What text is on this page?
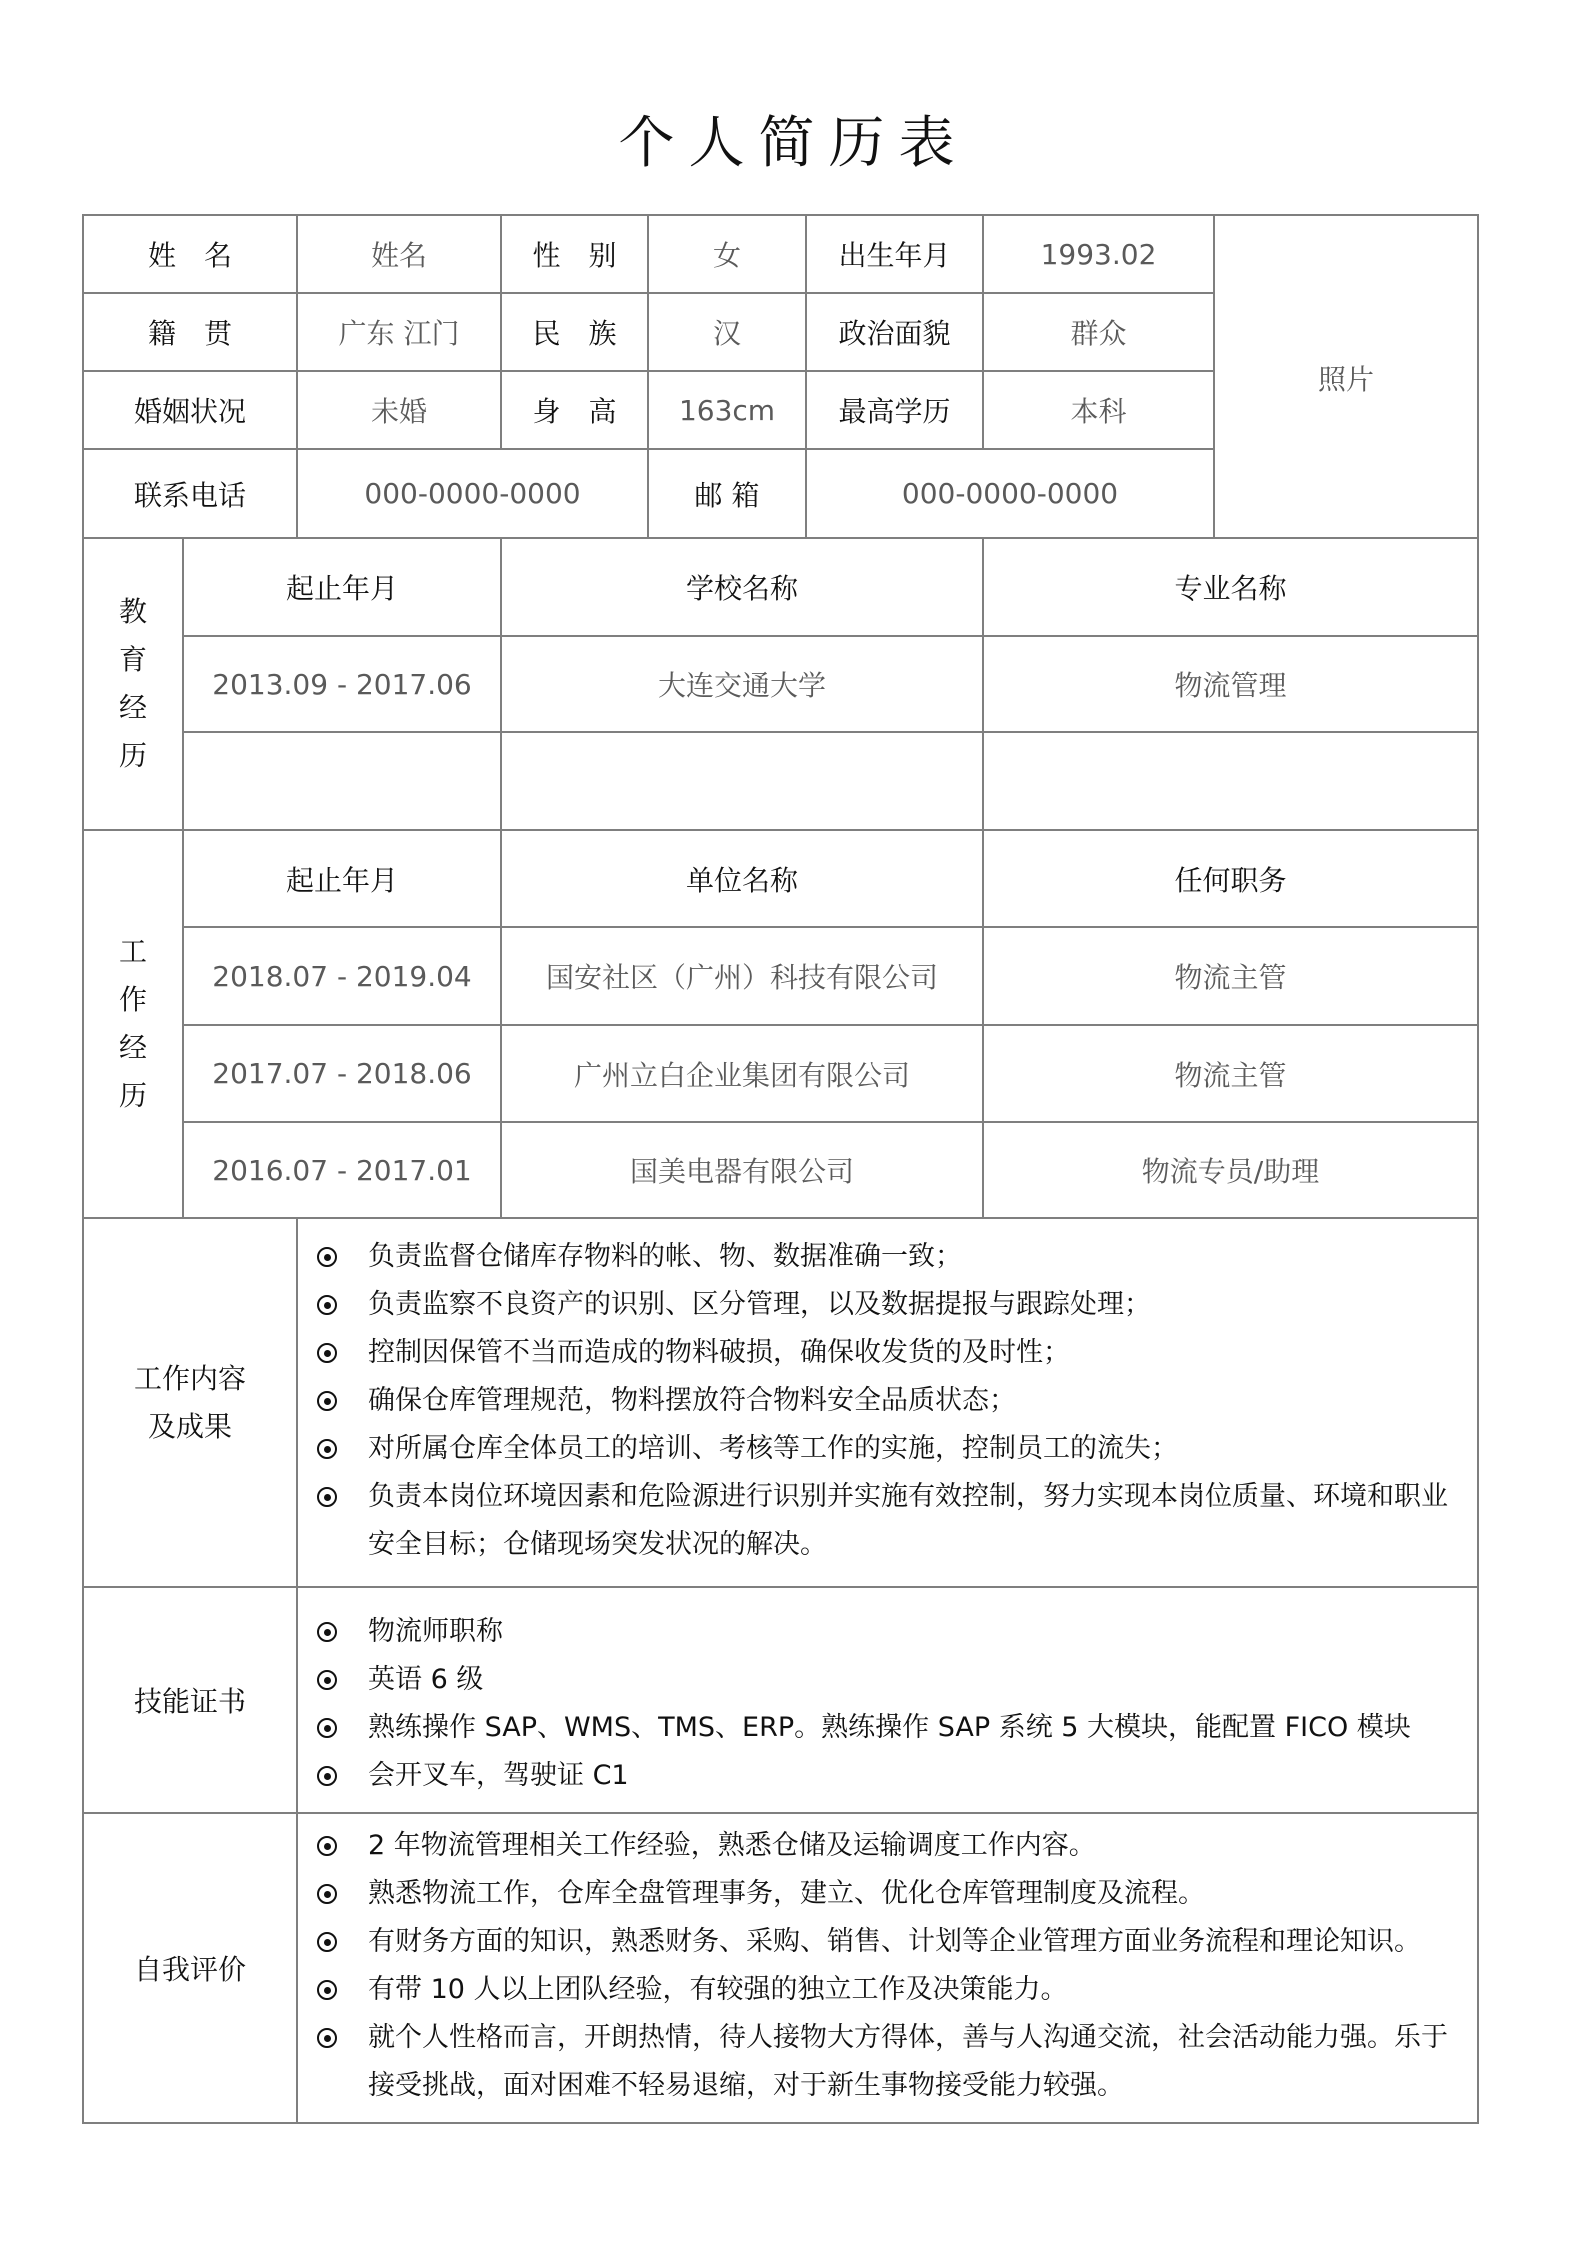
个人简历表
姓　名	姓名	性　别	女	出生年月	1993.02
籍　贯	广东 江门	民　族	汉	政治面貌	群众
婚姻状况	未婚	身　高	163cm	最高学历	本科
联系电话	000-0000-0000	邮 箱	000-0000-0000
照片
教
育
经
历
起止年月	学校名称	专业名称
2013.09 - 2017.06	大连交通大学	物流管理
工
作
经
历
起止年月	单位名称	任何职务
2018.07 - 2019.04	国安社区（广州）科技有限公司	物流主管
2017.07 - 2018.06	广州立白企业集团有限公司	物流主管
2016.07 - 2017.01	国美电器有限公司	物流专员/助理
工作内容
及成果
负责监督仓储库存物料的帐、物、数据准确一致；
负责监察不良资产的识别、区分管理，以及数据提报与跟踪处理；
控制因保管不当而造成的物料破损，确保收发货的及时性；
确保仓库管理规范，物料摆放符合物料安全品质状态；
对所属仓库全体员工的培训、考核等工作的实施，控制员工的流失；
负责本岗位环境因素和危险源进行识别并实施有效控制，努力实现本岗位质量、环境和职业安全目标；仓储现场突发状况的解决。
技能证书
物流师职称
英语 6 级
熟练操作 SAP、WMS、TMS、ERP。熟练操作 SAP 系统 5 大模块，能配置 FICO 模块
会开叉车，驾驶证 C1
自我评价
2 年物流管理相关工作经验，熟悉仓储及运输调度工作内容。
熟悉物流工作，仓库全盘管理事务，建立、优化仓库管理制度及流程。
有财务方面的知识，熟悉财务、采购、销售、计划等企业管理方面业务流程和理论知识。
有带 10 人以上团队经验，有较强的独立工作及决策能力。
就个人性格而言，开朗热情，待人接物大方得体，善与人沟通交流，社会活动能力强。乐于接受挑战，面对困难不轻易退缩，对于新生事物接受能力较强。
